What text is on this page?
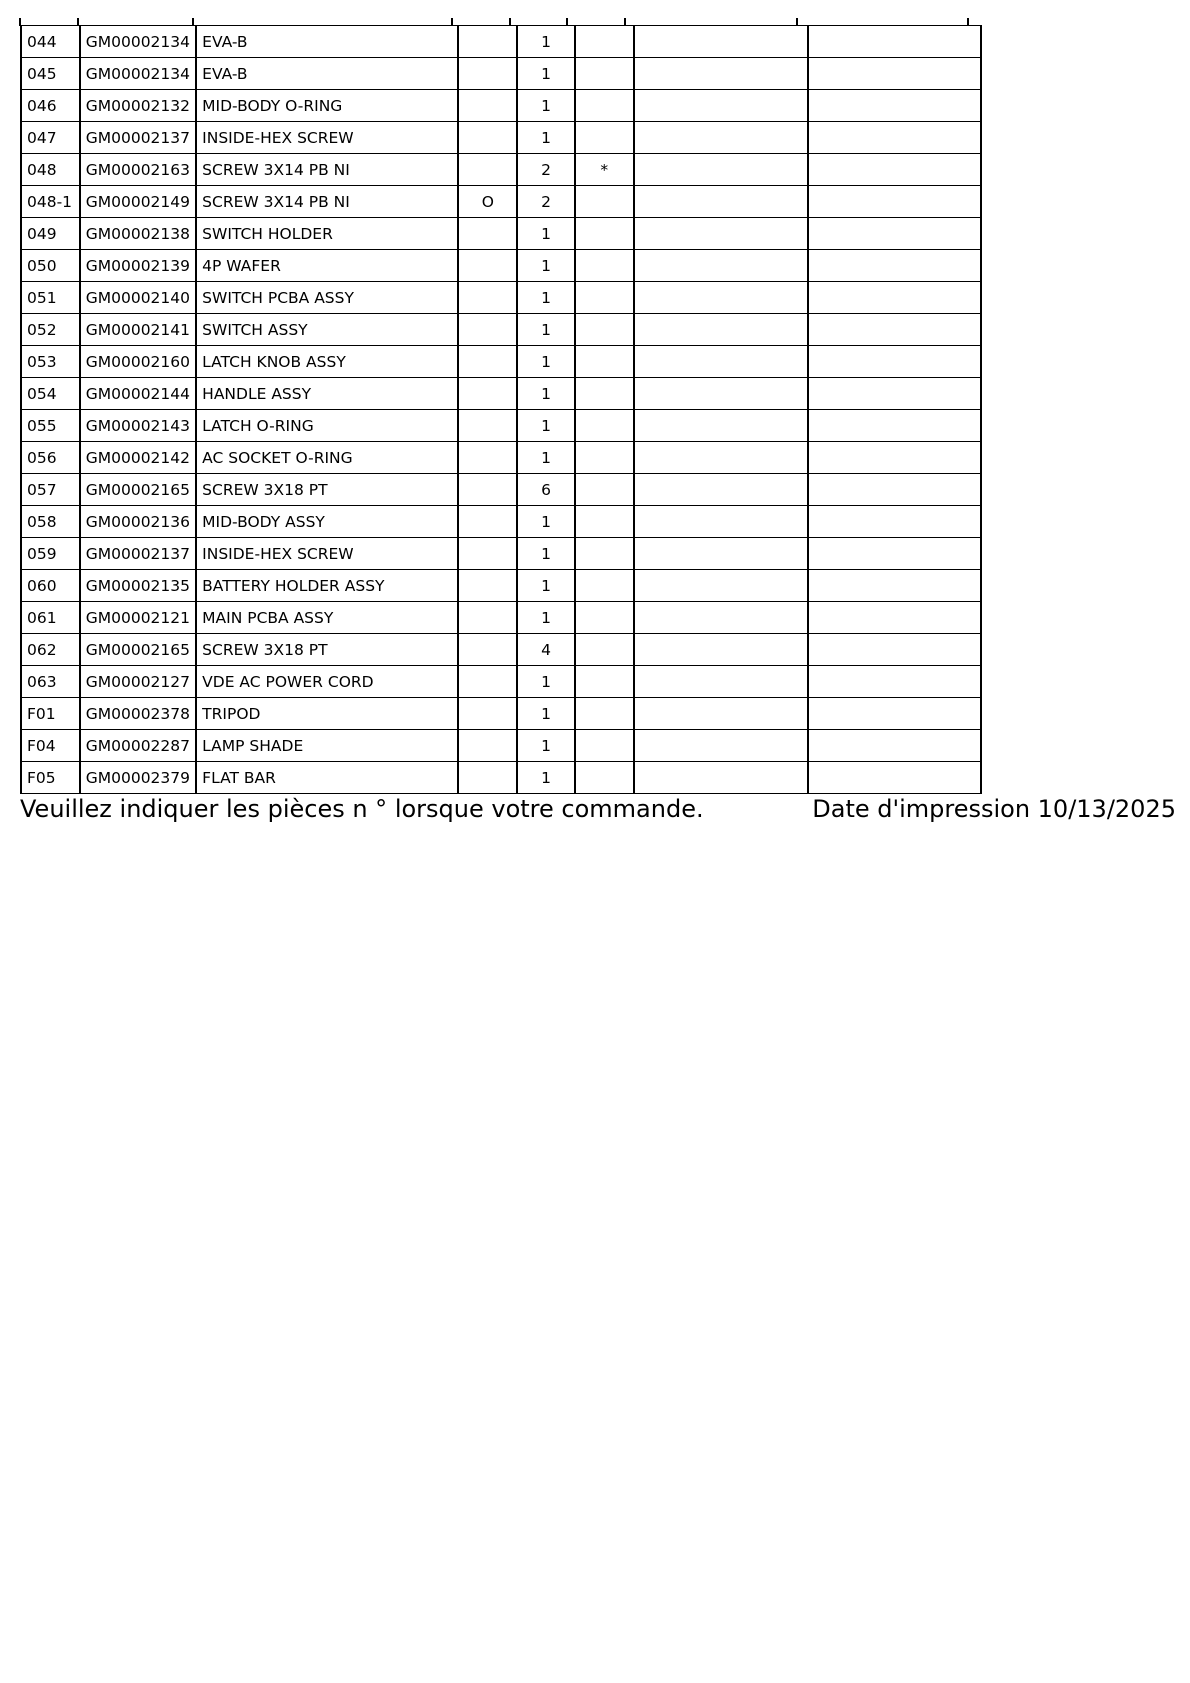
044	GM00002134	EVA-B		1			
045	GM00002134	EVA-B		1			
046	GM00002132	MID-BODY O-RING		1			
047	GM00002137	INSIDE-HEX SCREW		1			
048	GM00002163	SCREW 3X14 PB NI		2	*		
048-1	GM00002149	SCREW 3X14 PB NI	O	2			
049	GM00002138	SWITCH HOLDER		1			
050	GM00002139	4P WAFER		1			
051	GM00002140	SWITCH PCBA ASSY		1			
052	GM00002141	SWITCH ASSY		1			
053	GM00002160	LATCH KNOB ASSY		1			
054	GM00002144	HANDLE ASSY		1			
055	GM00002143	LATCH O-RING		1			
056	GM00002142	AC SOCKET O-RING		1			
057	GM00002165	SCREW 3X18 PT		6			
058	GM00002136	MID-BODY ASSY		1			
059	GM00002137	INSIDE-HEX SCREW		1			
060	GM00002135	BATTERY HOLDER ASSY		1			
061	GM00002121	MAIN PCBA ASSY		1			
062	GM00002165	SCREW 3X18 PT		4			
063	GM00002127	VDE AC POWER CORD		1			
F01	GM00002378	TRIPOD		1			
F04	GM00002287	LAMP SHADE		1			
F05	GM00002379	FLAT BAR		1			
Veuillez indiquer les pièces n ° lorsque votre commande.	Date d'impression 10/13/2025
